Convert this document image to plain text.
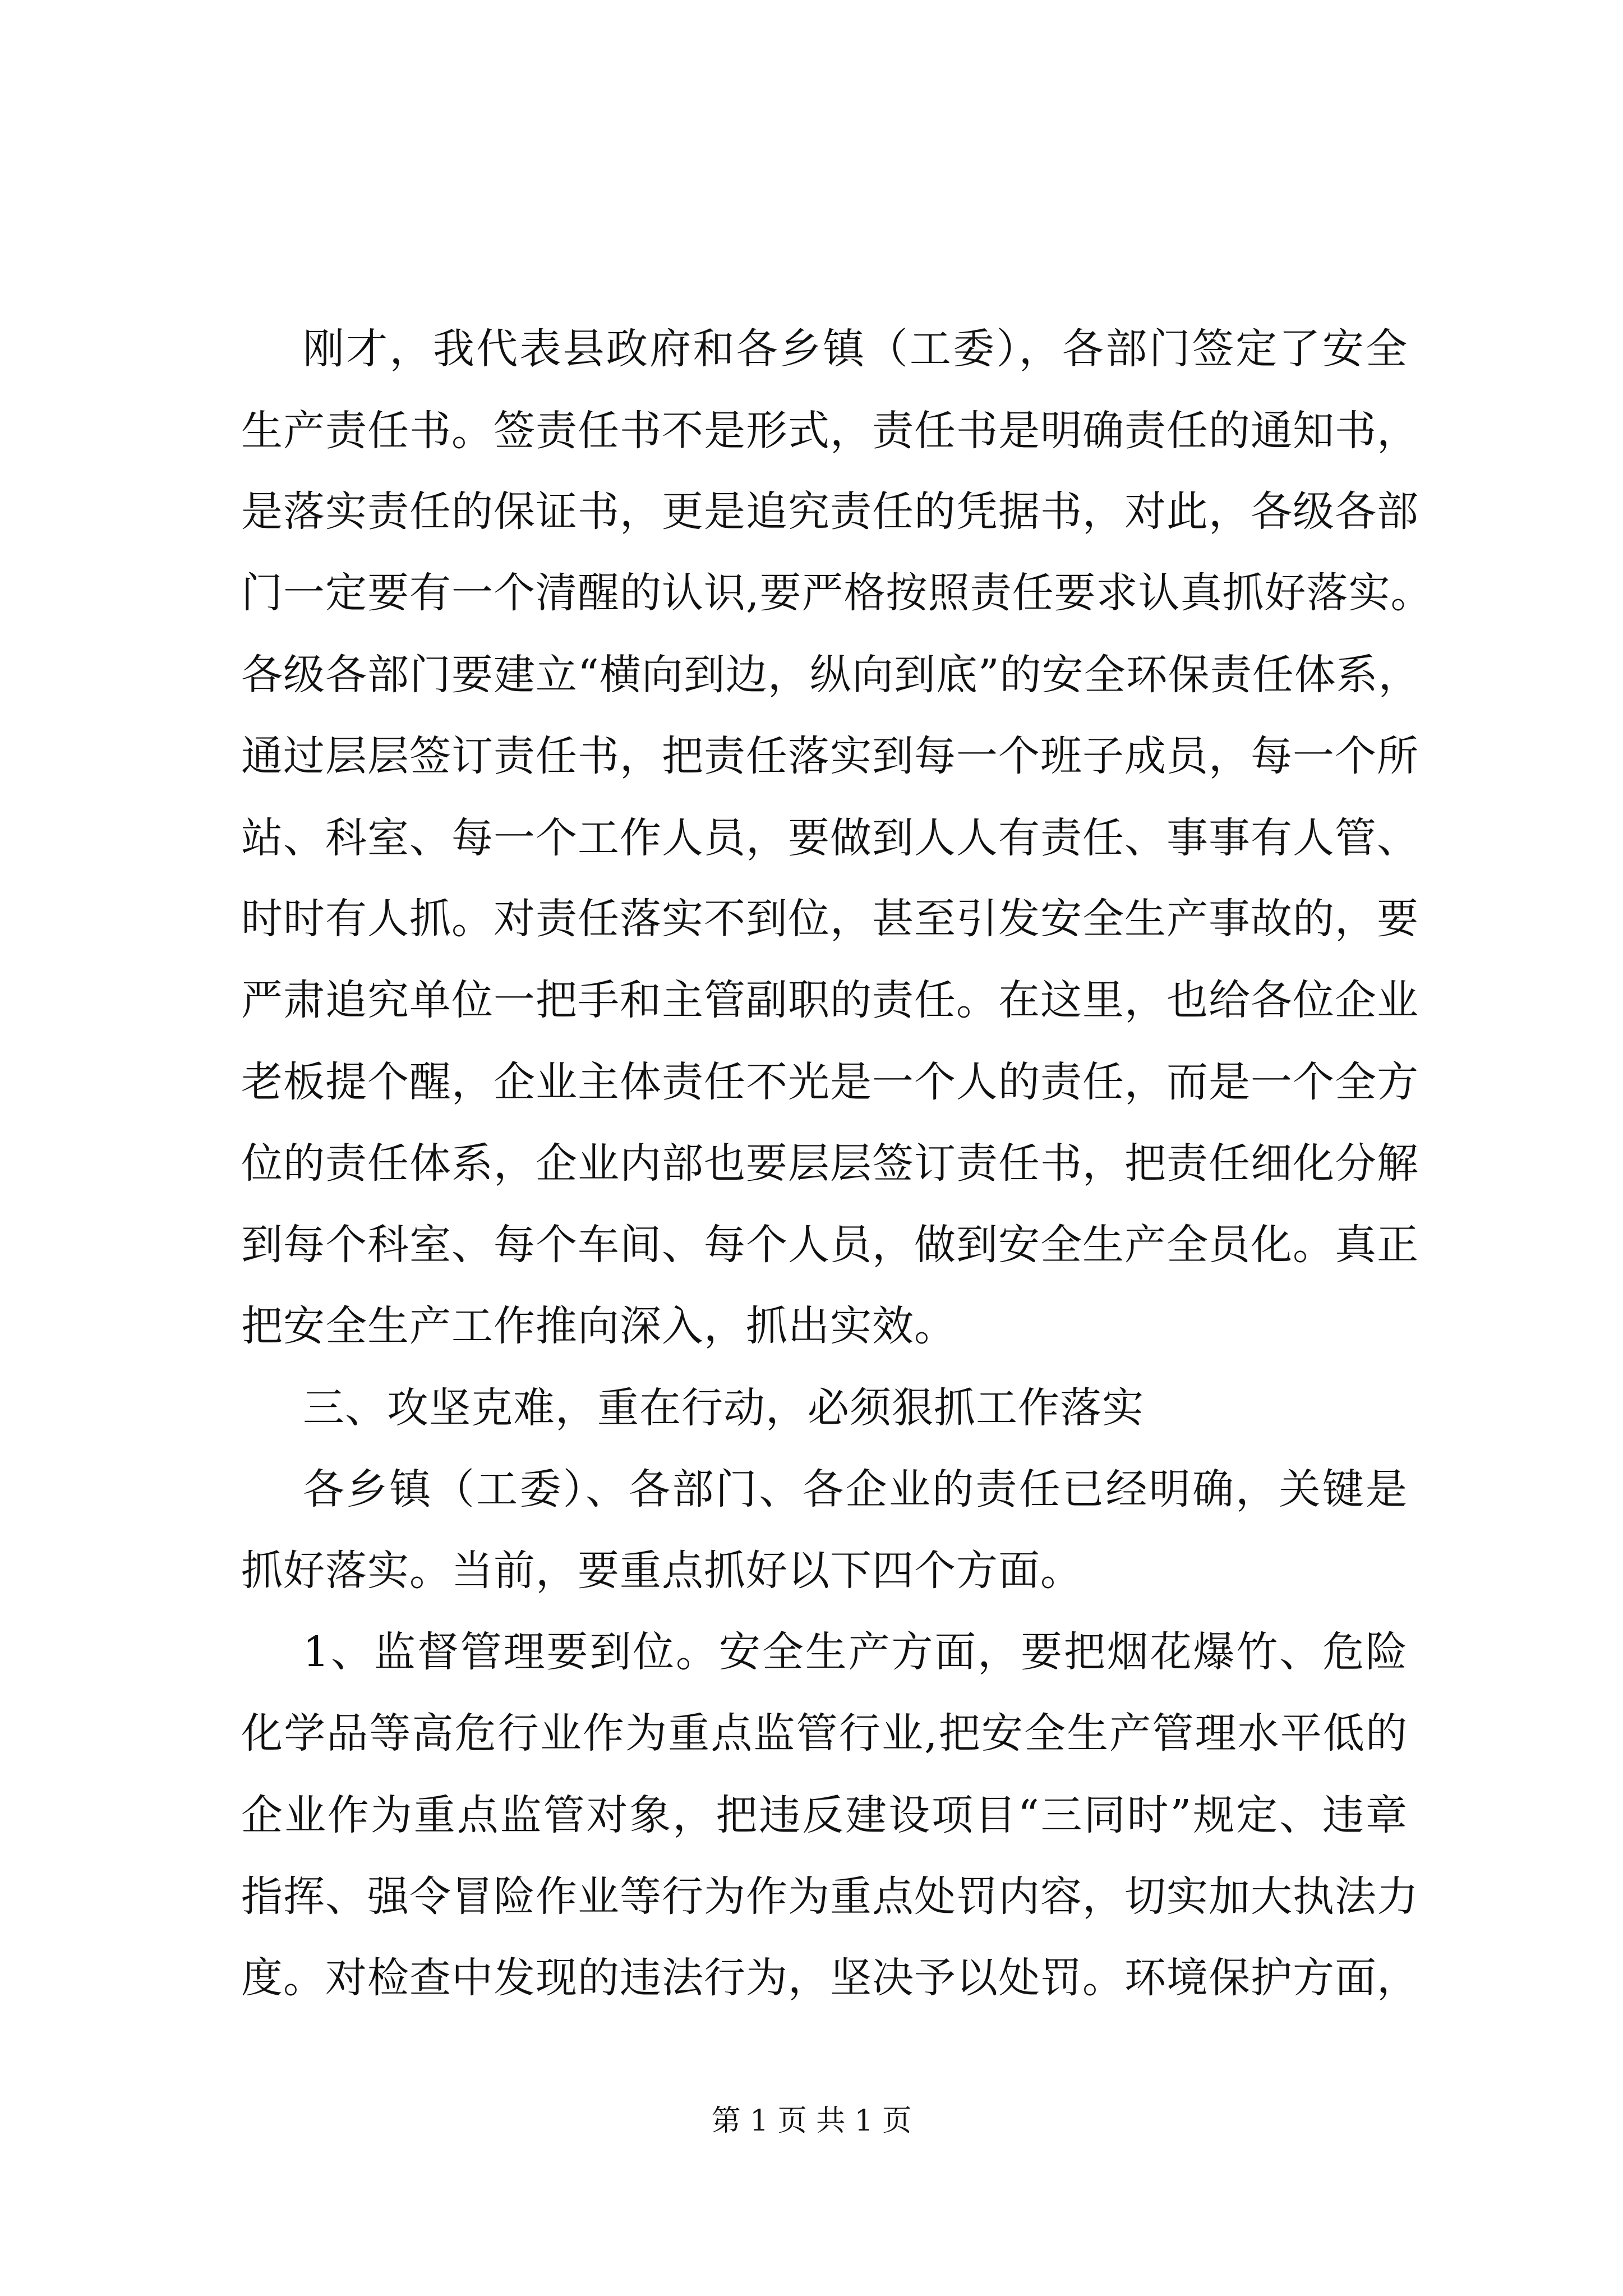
刚才，我代表县政府和各乡镇（工委），各部门签定了安全
生产责任书。签责任书不是形式，责任书是明确责任的通知书，
是落实责任的保证书，更是追究责任的凭据书，对此，各级各部
门一定要有一个清醒的认识,要严格按照责任要求认真抓好落实。
各级各部门要建立“横向到边，纵向到底”的安全环保责任体系，
通过层层签订责任书，把责任落实到每一个班子成员，每一个所
站、科室、每一个工作人员，要做到人人有责任、事事有人管、
时时有人抓。对责任落实不到位，甚至引发安全生产事故的，要
严肃追究单位一把手和主管副职的责任。在这里，也给各位企业
老板提个醒，企业主体责任不光是一个人的责任，而是一个全方
位的责任体系，企业内部也要层层签订责任书，把责任细化分解
到每个科室、每个车间、每个人员，做到安全生产全员化。真正
把安全生产工作推向深入，抓出实效。
三、攻坚克难，重在行动，必须狠抓工作落实
各乡镇（工委）、各部门、各企业的责任已经明确，关键是
抓好落实。当前，要重点抓好以下四个方面。
1、监督管理要到位。安全生产方面，要把烟花爆竹、危险
化学品等高危行业作为重点监管行业,把安全生产管理水平低的
企业作为重点监管对象，把违反建设项目“三同时”规定、违章
指挥、强令冒险作业等行为作为重点处罚内容，切实加大执法力
度。对检查中发现的违法行为，坚决予以处罚。环境保护方面，
第 1 页 共 1 页
